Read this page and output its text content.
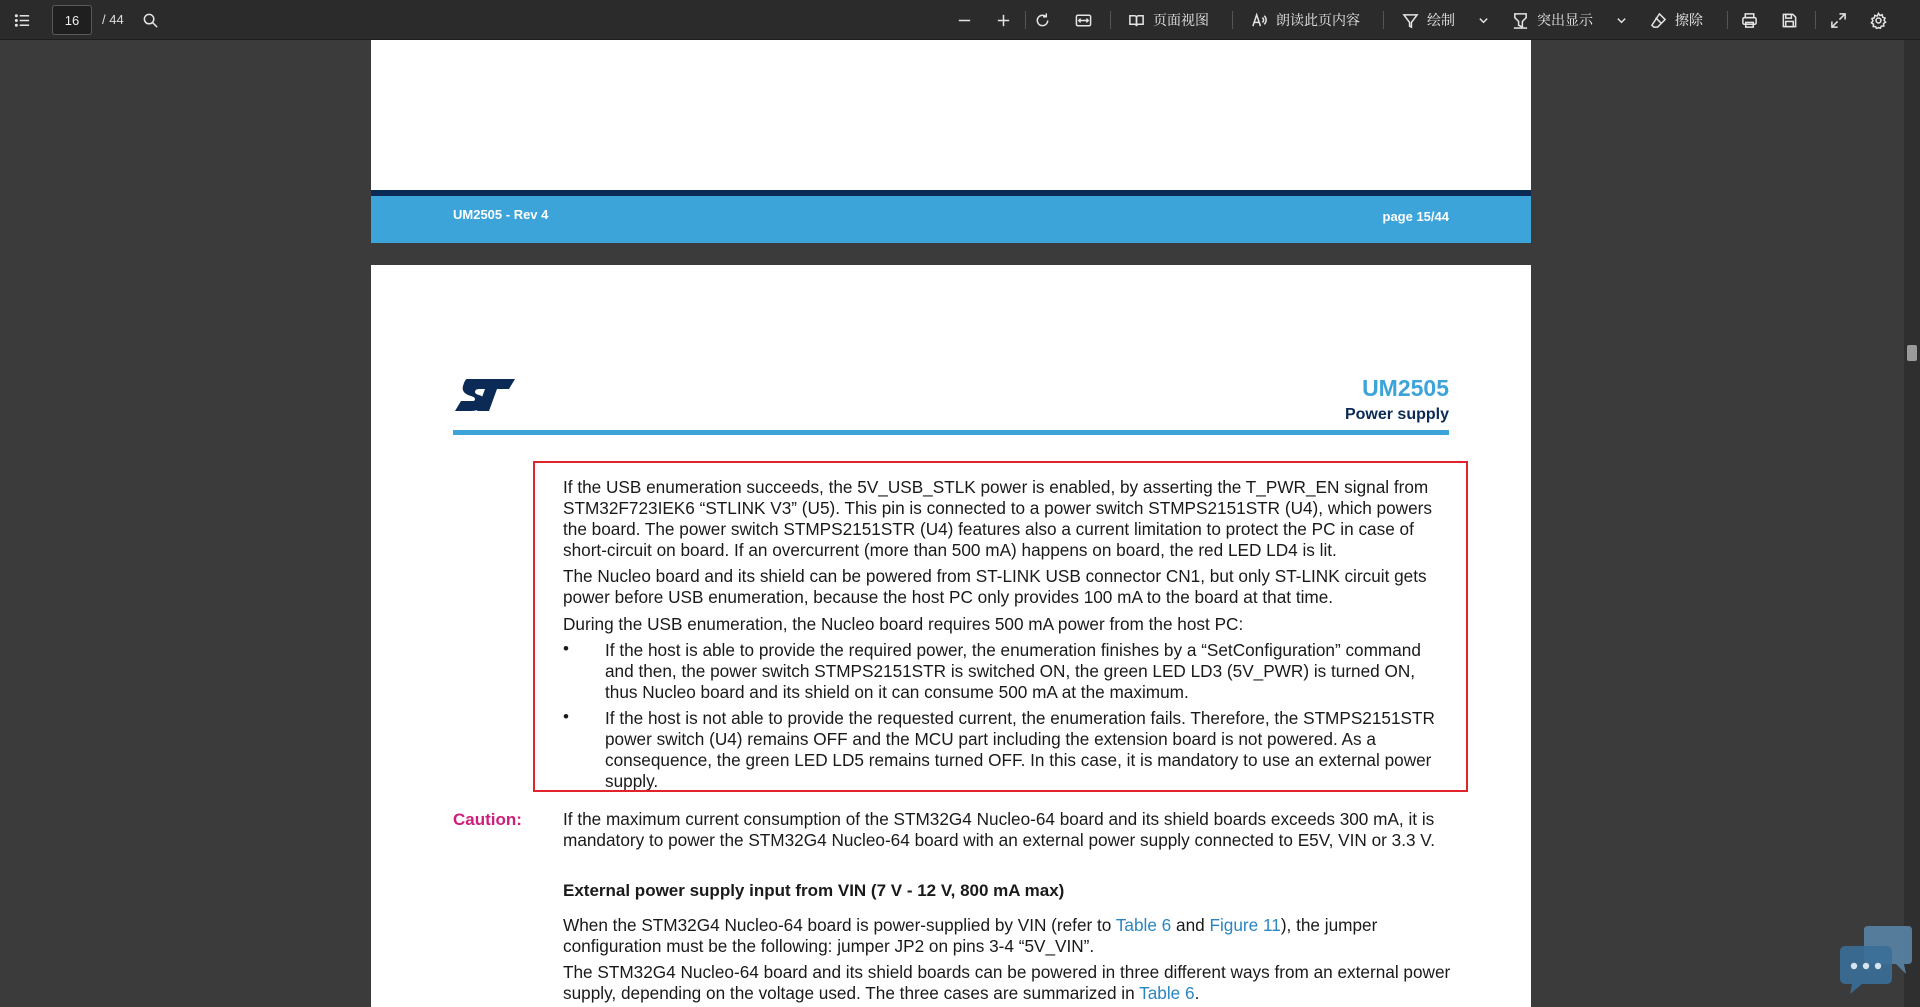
16
/ 44	页面视图	朗读此页内容	绘制	突出显示	擦除
UM2505 - Rev 4	page 15/44
UM2505
Power supply

If the USB enumeration succeeds, the 5V_USB_STLK power is enabled, by asserting the T_PWR_EN signal from STM32F723IEK6 “STLINK V3” (U5). This pin is connected to a power switch STMPS2151STR (U4), which powers the board. The power switch STMPS2151STR (U4) features also a current limitation to protect the PC in case of short-circuit on board. If an overcurrent (more than 500 mA) happens on board, the red LED LD4 is lit.

The Nucleo board and its shield can be powered from ST-LINK USB connector CN1, but only ST-LINK circuit gets power before USB enumeration, because the host PC only provides 100 mA to the board at that time.

During the USB enumeration, the Nucleo board requires 500 mA power from the host PC:

• If the host is able to provide the required power, the enumeration finishes by a “SetConfiguration” command and then, the power switch STMPS2151STR is switched ON, the green LED LD3 (5V_PWR) is turned ON, thus Nucleo board and its shield on it can consume 500 mA at the maximum.

• If the host is not able to provide the requested current, the enumeration fails. Therefore, the STMPS2151STR power switch (U4) remains OFF and the MCU part including the extension board is not powered. As a consequence, the green LED LD5 remains turned OFF. In this case, it is mandatory to use an external power supply.

Caution: If the maximum current consumption of the STM32G4 Nucleo-64 board and its shield boards exceeds 300 mA, it is mandatory to power the STM32G4 Nucleo-64 board with an external power supply connected to E5V, VIN or 3.3 V.

External power supply input from VIN (7 V - 12 V, 800 mA max)

When the STM32G4 Nucleo-64 board is power-supplied by VIN (refer to Table 6 and Figure 11), the jumper configuration must be the following: jumper JP2 on pins 3-4 “5V_VIN”.

The STM32G4 Nucleo-64 board and its shield boards can be powered in three different ways from an external power supply, depending on the voltage used. The three cases are summarized in Table 6.
